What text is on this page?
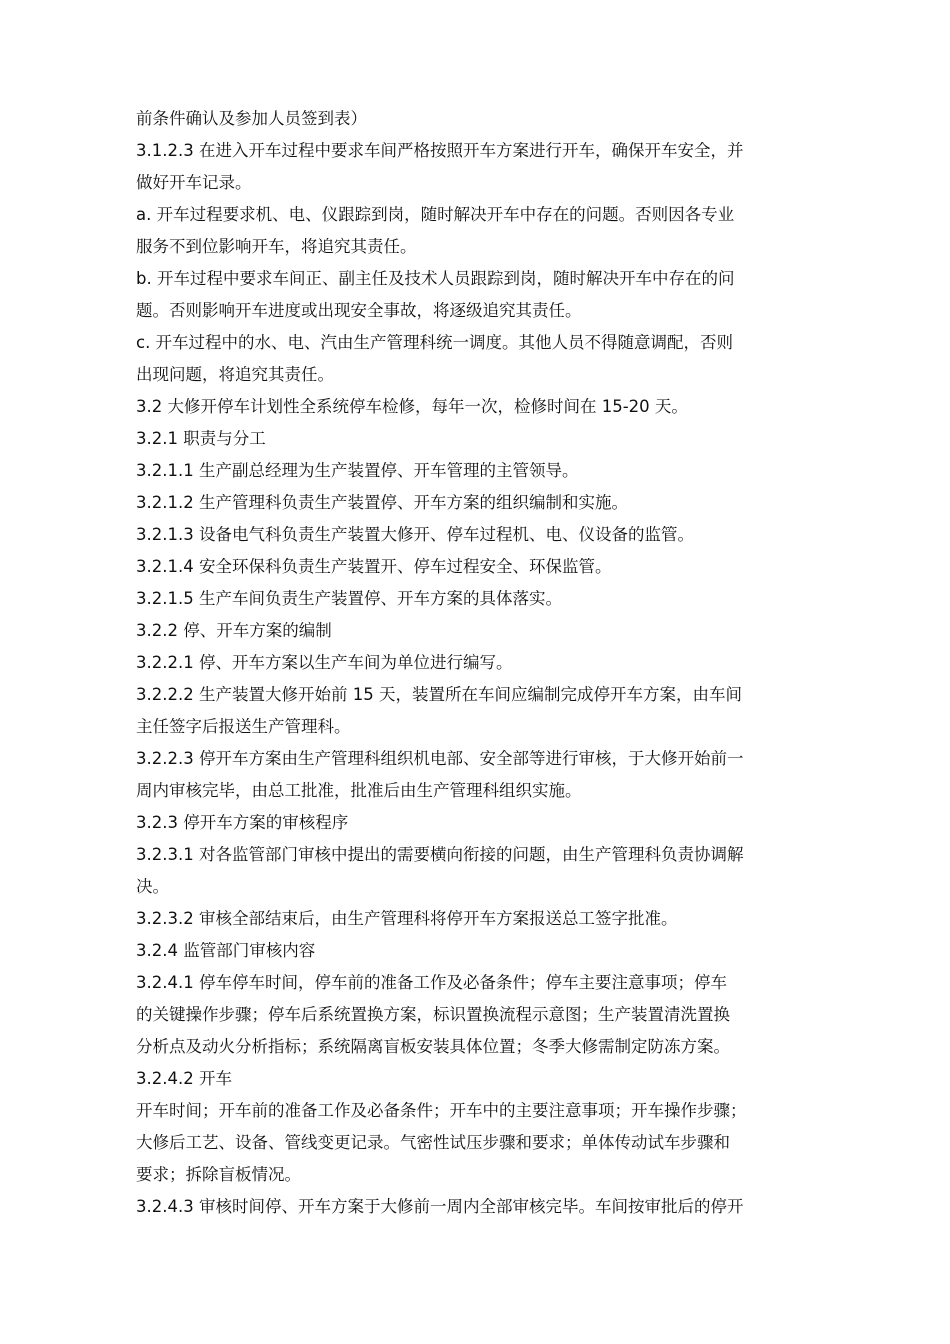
前条件确认及参加人员签到表）
3.1.2.3 在进入开车过程中要求车间严格按照开车方案进行开车，确保开车安全，并
做好开车记录。
a. 开车过程要求机、电、仪跟踪到岗，随时解决开车中存在的问题。否则因各专业
服务不到位影响开车，将追究其责任。
b. 开车过程中要求车间正、副主任及技术人员跟踪到岗，随时解决开车中存在的问
题。否则影响开车进度或出现安全事故，将逐级追究其责任。
c. 开车过程中的水、电、汽由生产管理科统一调度。其他人员不得随意调配，否则
出现问题，将追究其责任。
3.2 大修开停车计划性全系统停车检修，每年一次，检修时间在 15-20 天。
3.2.1 职责与分工
3.2.1.1 生产副总经理为生产装置停、开车管理的主管领导。
3.2.1.2 生产管理科负责生产装置停、开车方案的组织编制和实施。
3.2.1.3 设备电气科负责生产装置大修开、停车过程机、电、仪设备的监管。
3.2.1.4 安全环保科负责生产装置开、停车过程安全、环保监管。
3.2.1.5 生产车间负责生产装置停、开车方案的具体落实。
3.2.2 停、开车方案的编制
3.2.2.1 停、开车方案以生产车间为单位进行编写。
3.2.2.2 生产装置大修开始前 15 天，装置所在车间应编制完成停开车方案，由车间
主任签字后报送生产管理科。
3.2.2.3 停开车方案由生产管理科组织机电部、安全部等进行审核，于大修开始前一
周内审核完毕，由总工批准，批准后由生产管理科组织实施。
3.2.3 停开车方案的审核程序
3.2.3.1 对各监管部门审核中提出的需要横向衔接的问题，由生产管理科负责协调解
决。
3.2.3.2 审核全部结束后，由生产管理科将停开车方案报送总工签字批准。
3.2.4 监管部门审核内容
3.2.4.1 停车停车时间，停车前的准备工作及必备条件；停车主要注意事项；停车
的关键操作步骤；停车后系统置换方案，标识置换流程示意图；生产装置清洗置换
分析点及动火分析指标；系统隔离盲板安装具体位置；冬季大修需制定防冻方案。
3.2.4.2 开车
开车时间；开车前的准备工作及必备条件；开车中的主要注意事项；开车操作步骤；
大修后工艺、设备、管线变更记录。气密性试压步骤和要求；单体传动试车步骤和
要求；拆除盲板情况。
3.2.4.3 审核时间停、开车方案于大修前一周内全部审核完毕。车间按审批后的停开
